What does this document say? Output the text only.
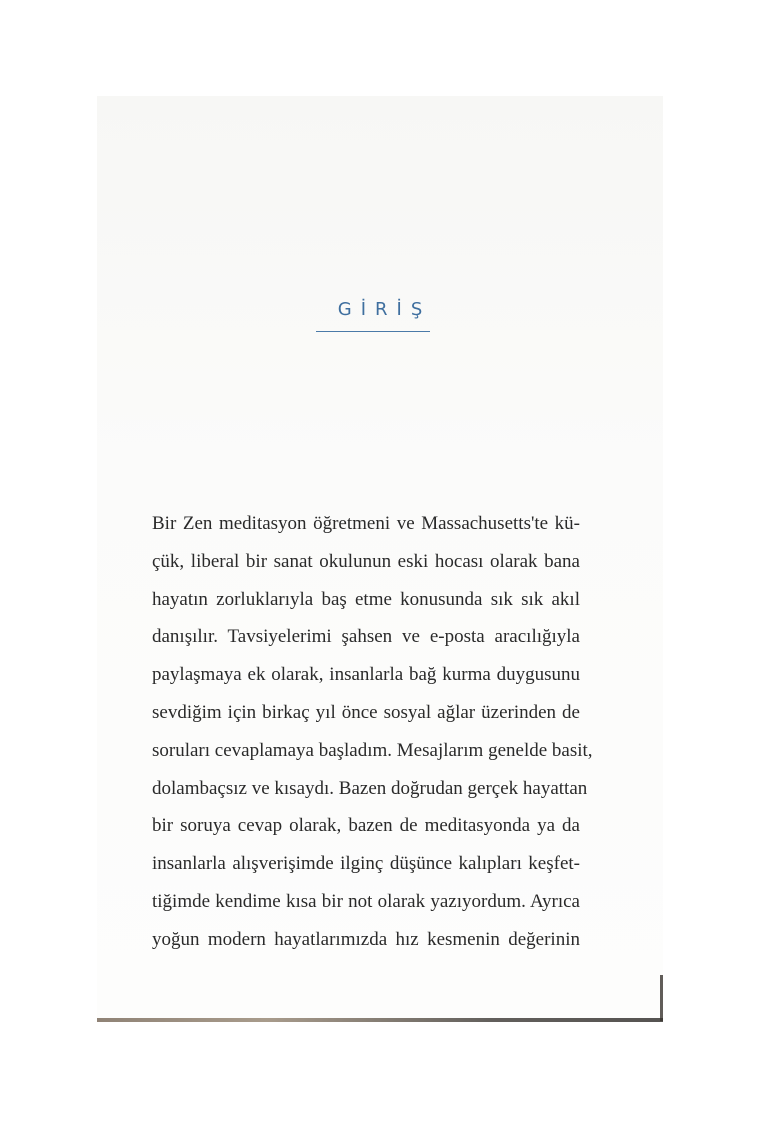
GİRİŞ
Bir Zen meditasyon öğretmeni ve Massachusetts'te kü-
çük, liberal bir sanat okulunun eski hocası olarak bana
hayatın zorluklarıyla baş etme konusunda sık sık akıl
danışılır. Tavsiyelerimi şahsen ve e-posta aracılığıyla
paylaşmaya ek olarak, insanlarla bağ kurma duygusunu
sevdiğim için birkaç yıl önce sosyal ağlar üzerinden de
soruları cevaplamaya başladım. Mesajlarım genelde basit,
dolambaçsız ve kısaydı. Bazen doğrudan gerçek hayattan
bir soruya cevap olarak, bazen de meditasyonda ya da
insanlarla alışverişimde ilginç düşünce kalıpları keşfet-
tiğimde kendime kısa bir not olarak yazıyordum. Ayrıca
yoğun modern hayatlarımızda hız kesmenin değerinin
